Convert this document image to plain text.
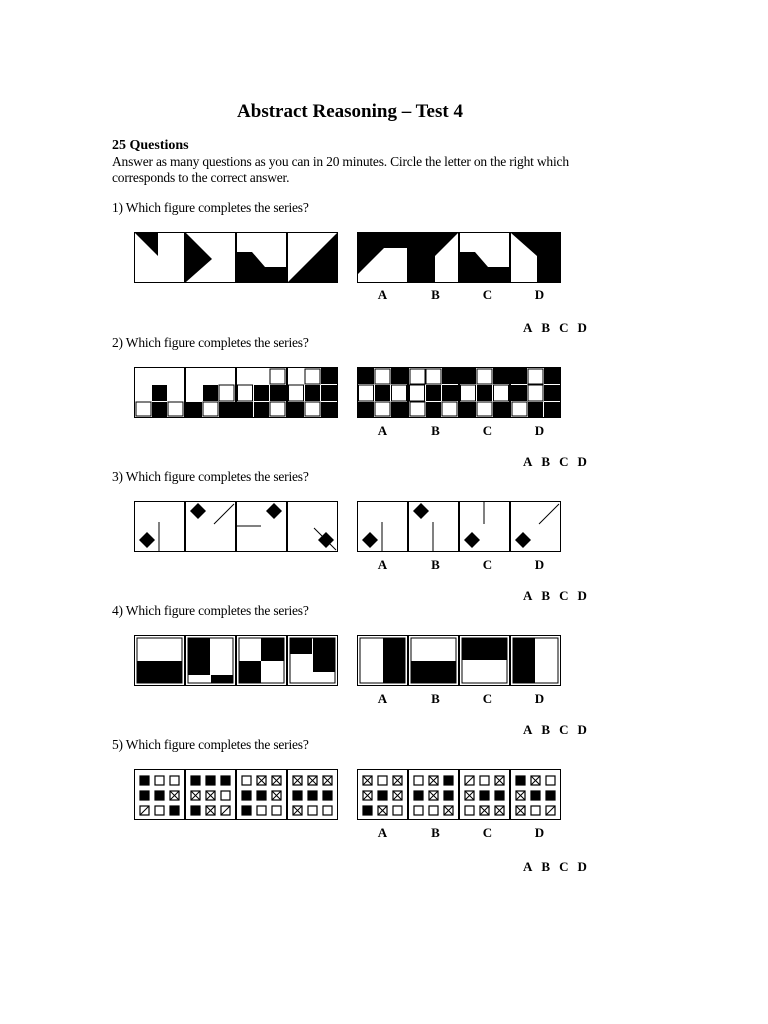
Abstract Reasoning – Test 4
25 Questions
Answer as many questions as you can in 20 minutes. Circle the letter on the right which corresponds to the correct answer.
1) Which figure completes the series?
A	B	C	D
A B C D
2) Which figure completes the series?
A	B	C	D
A B C D
3) Which figure completes the series?
A	B	C	D
A B C D
4) Which figure completes the series?
A	B	C	D
A B C D
5) Which figure completes the series?
A	B	C	D
A B C D
